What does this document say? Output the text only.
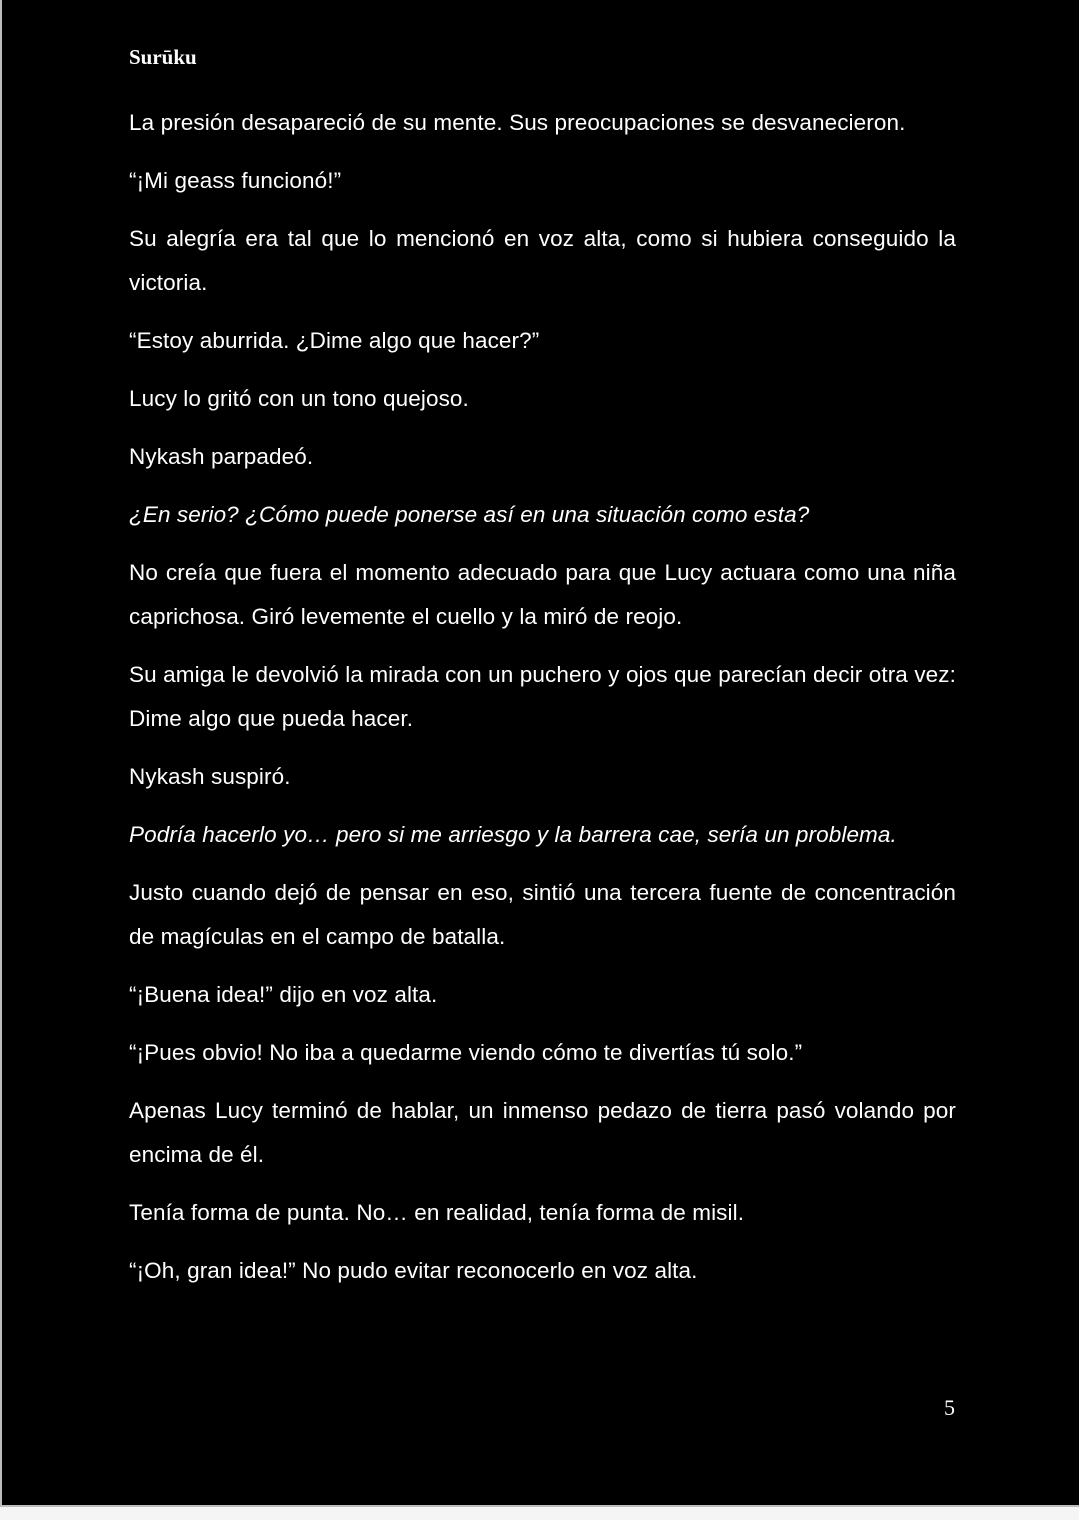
Surūku

La presión desapareció de su mente. Sus preocupaciones se desvanecieron.

“¡Mi geass funcionó!”

Su alegría era tal que lo mencionó en voz alta, como si hubiera conseguido la victoria.

“Estoy aburrida. ¿Dime algo que hacer?”

Lucy lo gritó con un tono quejoso.

Nykash parpadeó.

¿En serio? ¿Cómo puede ponerse así en una situación como esta?

No creía que fuera el momento adecuado para que Lucy actuara como una niña caprichosa. Giró levemente el cuello y la miró de reojo.

Su amiga le devolvió la mirada con un puchero y ojos que parecían decir otra vez: Dime algo que pueda hacer.

Nykash suspiró.

Podría hacerlo yo… pero si me arriesgo y la barrera cae, sería un problema.

Justo cuando dejó de pensar en eso, sintió una tercera fuente de concentración de magículas en el campo de batalla.

“¡Buena idea!” dijo en voz alta.

“¡Pues obvio! No iba a quedarme viendo cómo te divertías tú solo.”

Apenas Lucy terminó de hablar, un inmenso pedazo de tierra pasó volando por encima de él.

Tenía forma de punta. No… en realidad, tenía forma de misil.

“¡Oh, gran idea!” No pudo evitar reconocerlo en voz alta.

5
